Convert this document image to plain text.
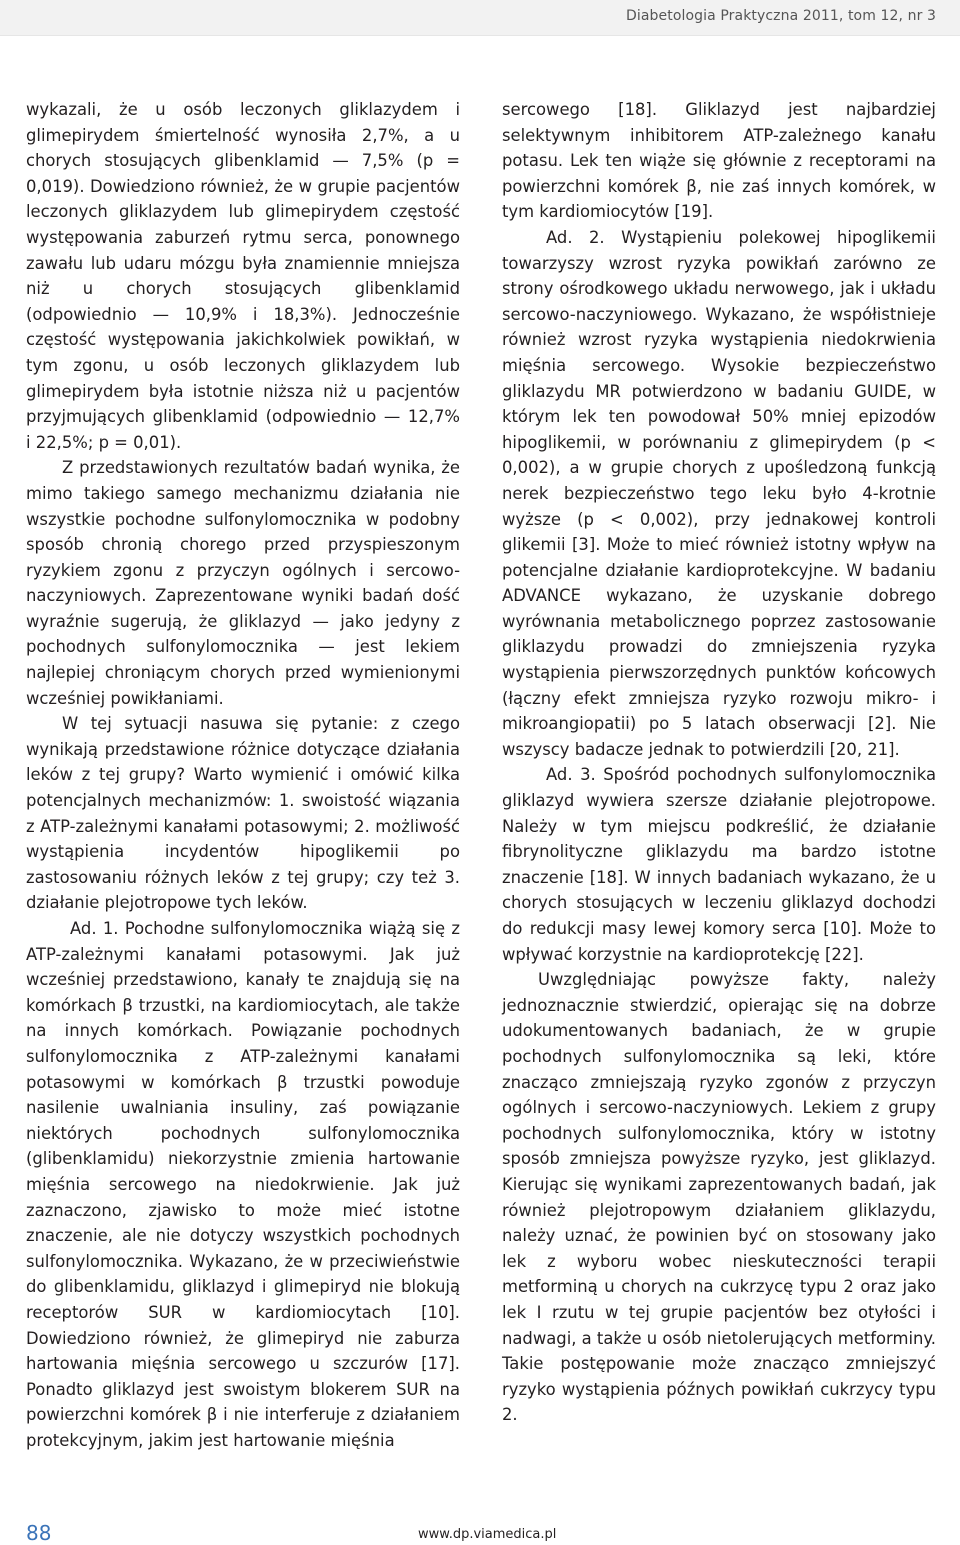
Diabetologia Praktyczna 2011, tom 12, nr 3

wykazali, że u osób leczonych gliklazydem i glimepirydem śmiertelność wynosiła 2,7%, a u chorych stosujących glibenklamid — 7,5% (p = 0,019). Dowiedziono również, że w grupie pacjentów leczonych gliklazydem lub glimepirydem częstość występowania zaburzeń rytmu serca, ponownego zawału lub udaru mózgu była znamiennie mniejsza niż u chorych stosujących glibenklamid (odpowiednio — 10,9% i 18,3%). Jednocześnie częstość występowania jakichkolwiek powikłań, w tym zgonu, u osób leczonych gliklazydem lub glimepirydem była istotnie niższa niż u pacjentów przyjmujących glibenklamid (odpowiednio — 12,7% i 22,5%; p = 0,01).

Z przedstawionych rezultatów badań wynika, że mimo takiego samego mechanizmu działania nie wszystkie pochodne sulfonylomocznika w podobny sposób chronią chorego przed przyspieszonym ryzykiem zgonu z przyczyn ogólnych i sercowo-naczyniowych. Zaprezentowane wyniki badań dość wyraźnie sugerują, że gliklazyd — jako jedyny z pochodnych sulfonylomocznika — jest lekiem najlepiej chroniącym chorych przed wymienionymi wcześniej powikłaniami.

W tej sytuacji nasuwa się pytanie: z czego wynikają przedstawione różnice dotyczące działania leków z tej grupy? Warto wymienić i omówić kilka potencjalnych mechanizmów: 1. swoistość wiązania z ATP-zależnymi kanałami potasowymi; 2. możliwość wystąpienia incydentów hipoglikemii po zastosowaniu różnych leków z tej grupy; czy też 3. działanie plejotropowe tych leków.

Ad. 1. Pochodne sulfonylomocznika wiążą się z ATP-zależnymi kanałami potasowymi. Jak już wcześniej przedstawiono, kanały te znajdują się na komórkach β trzustki, na kardiomiocytach, ale także na innych komórkach. Powiązanie pochodnych sulfonylomocznika z ATP-zależnymi kanałami potasowymi w komórkach β trzustki powoduje nasilenie uwalniania insuliny, zaś powiązanie niektórych pochodnych sulfonylomocznika (glibenklamidu) niekorzystnie zmienia hartowanie mięśnia sercowego na niedokrwienie. Jak już zaznaczono, zjawisko to może mieć istotne znaczenie, ale nie dotyczy wszystkich pochodnych sulfonylomocznika. Wykazano, że w przeciwieństwie do glibenklamidu, gliklazyd i glimepiryd nie blokują receptorów SUR w kardiomiocytach [10]. Dowiedziono również, że glimepiryd nie zaburza hartowania mięśnia sercowego u szczurów [17]. Ponadto gliklazyd jest swoistym blokerem SUR na powierzchni komórek β i nie interferuje z działaniem protekcyjnym, jakim jest hartowanie mięśnia

sercowego [18]. Gliklazyd jest najbardziej selektywnym inhibitorem ATP-zależnego kanału potasu. Lek ten wiąże się głównie z receptorami na powierzchni komórek β, nie zaś innych komórek, w tym kardiomiocytów [19].

Ad. 2. Wystąpieniu polekowej hipoglikemii towarzyszy wzrost ryzyka powikłań zarówno ze strony ośrodkowego układu nerwowego, jak i układu sercowo-naczyniowego. Wykazano, że współistnieje również wzrost ryzyka wystąpienia niedokrwienia mięśnia sercowego. Wysokie bezpieczeństwo gliklazydu MR potwierdzono w badaniu GUIDE, w którym lek ten powodował 50% mniej epizodów hipoglikemii, w porównaniu z glimepirydem (p < 0,002), a w grupie chorych z upośledzoną funkcją nerek bezpieczeństwo tego leku było 4-krotnie wyższe (p < 0,002), przy jednakowej kontroli glikemii [3]. Może to mieć również istotny wpływ na potencjalne działanie kardioprotekcyjne. W badaniu ADVANCE wykazano, że uzyskanie dobrego wyrównania metabolicznego poprzez zastosowanie gliklazydu prowadzi do zmniejszenia ryzyka wystąpienia pierwszorzędnych punktów końcowych (łączny efekt zmniejsza ryzyko rozwoju mikro- i mikroangiopatii) po 5 latach obserwacji [2]. Nie wszyscy badacze jednak to potwierdzili [20, 21].

Ad. 3. Spośród pochodnych sulfonylomocznika gliklazyd wywiera szersze działanie plejotropowe. Należy w tym miejscu podkreślić, że działanie fibrynolityczne gliklazydu ma bardzo istotne znaczenie [18]. W innych badaniach wykazano, że u chorych stosujących w leczeniu gliklazyd dochodzi do redukcji masy lewej komory serca [10]. Może to wpływać korzystnie na kardioprotekcję [22].

Uwzględniając powyższe fakty, należy jednoznacznie stwierdzić, opierając się na dobrze udokumentowanych badaniach, że w grupie pochodnych sulfonylomocznika są leki, które znacząco zmniejszają ryzyko zgonów z przyczyn ogólnych i sercowo-naczyniowych. Lekiem z grupy pochodnych sulfonylomocznika, który w istotny sposób zmniejsza powyższe ryzyko, jest gliklazyd. Kierując się wynikami zaprezentowanych badań, jak również plejotropowym działaniem gliklazydu, należy uznać, że powinien być on stosowany jako lek z wyboru wobec nieskuteczności terapii metforminą u chorych na cukrzycę typu 2 oraz jako lek I rzutu w tej grupie pacjentów bez otyłości i nadwagi, a także u osób nietolerujących metforminy. Takie postępowanie może znacząco zmniejszyć ryzyko wystąpienia późnych powikłań cukrzycy typu 2.

88	www.dp.viamedica.pl
